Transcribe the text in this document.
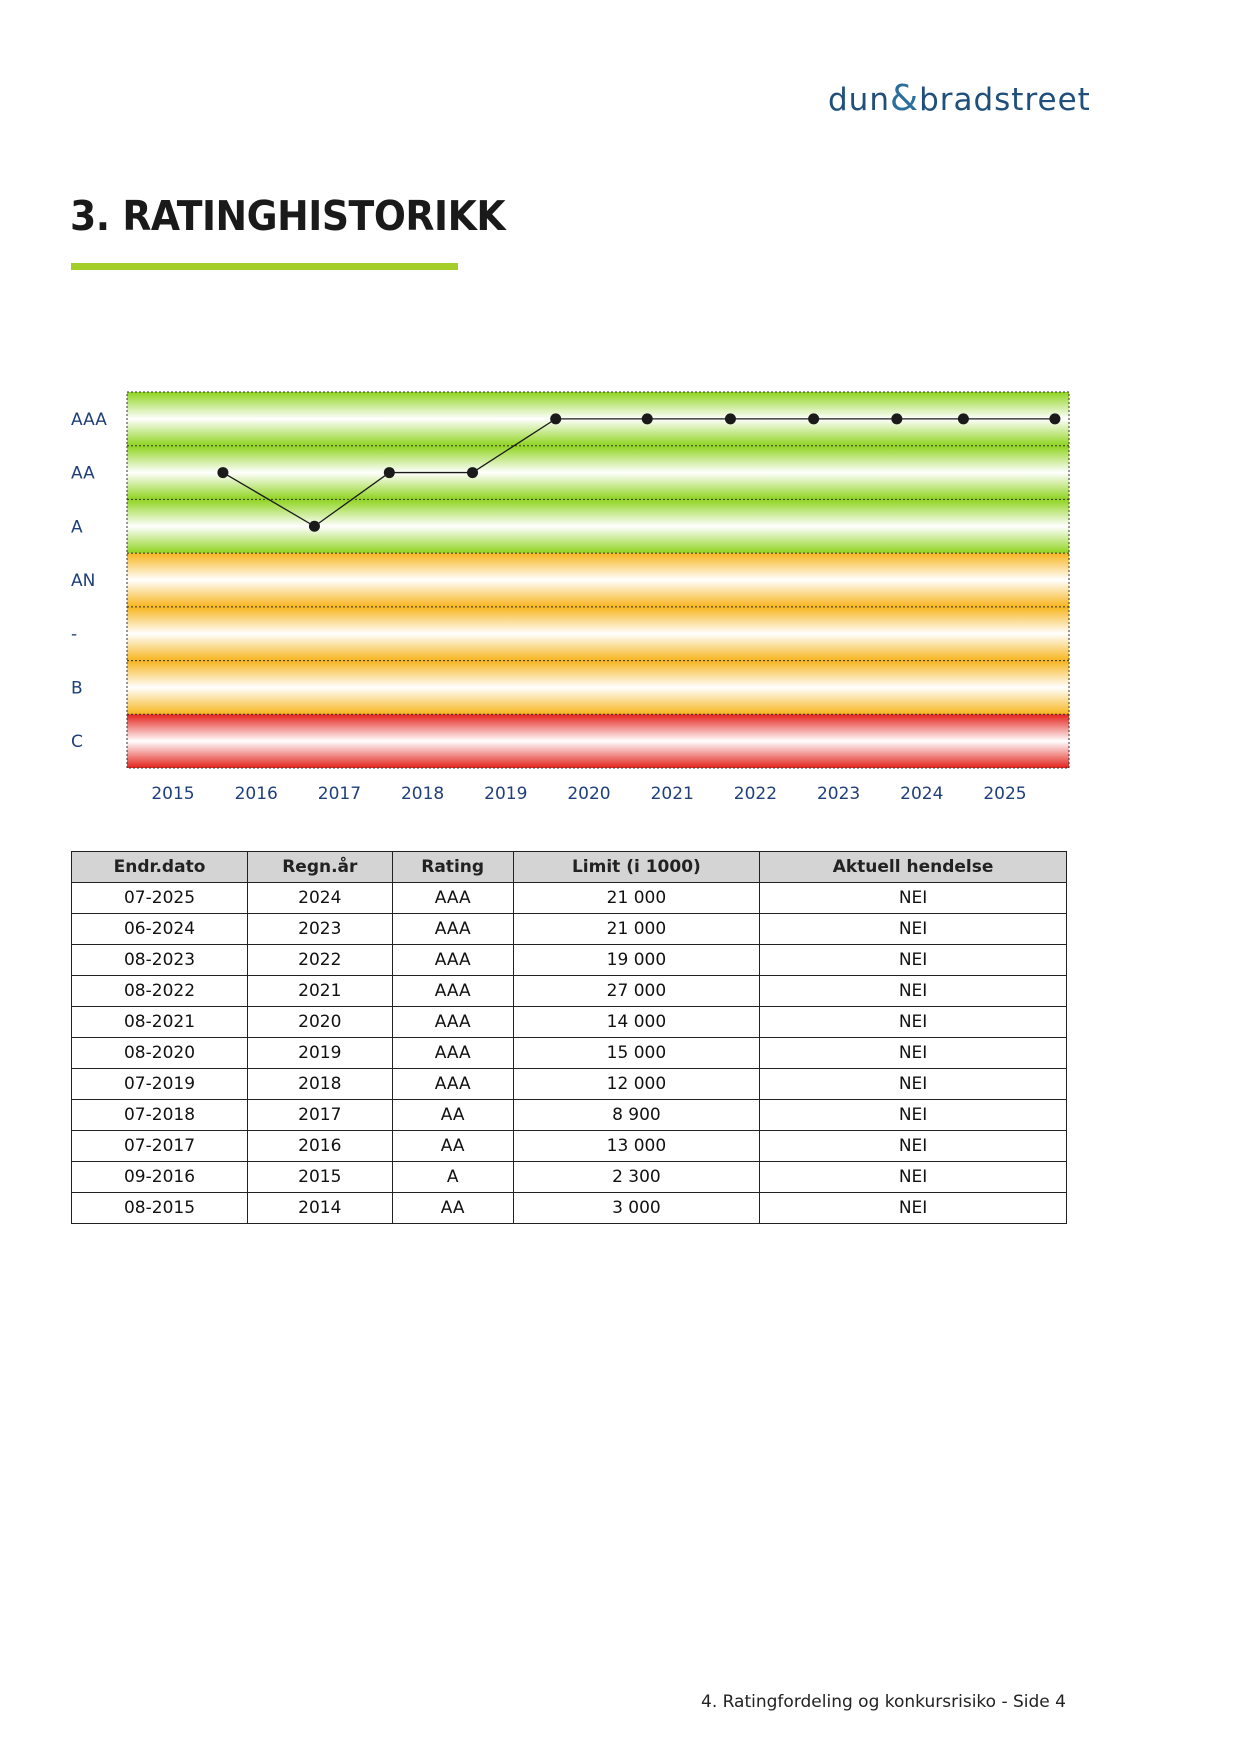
dun&bradstreet
3. RATINGHISTORIKK
AAA
AA
A
AN
-
B
C
2015 2016 2017 2018 2019 2020 2021 2022 2023 2024 2025
Endr.dato	Regn.år	Rating	Limit (i 1000)	Aktuell hendelse
07-2025	2024	AAA	21 000	NEI
06-2024	2023	AAA	21 000	NEI
08-2023	2022	AAA	19 000	NEI
08-2022	2021	AAA	27 000	NEI
08-2021	2020	AAA	14 000	NEI
08-2020	2019	AAA	15 000	NEI
07-2019	2018	AAA	12 000	NEI
07-2018	2017	AA	8 900	NEI
07-2017	2016	AA	13 000	NEI
09-2016	2015	A	2 300	NEI
08-2015	2014	AA	3 000	NEI
4. Ratingfordeling og konkursrisiko - Side 4
